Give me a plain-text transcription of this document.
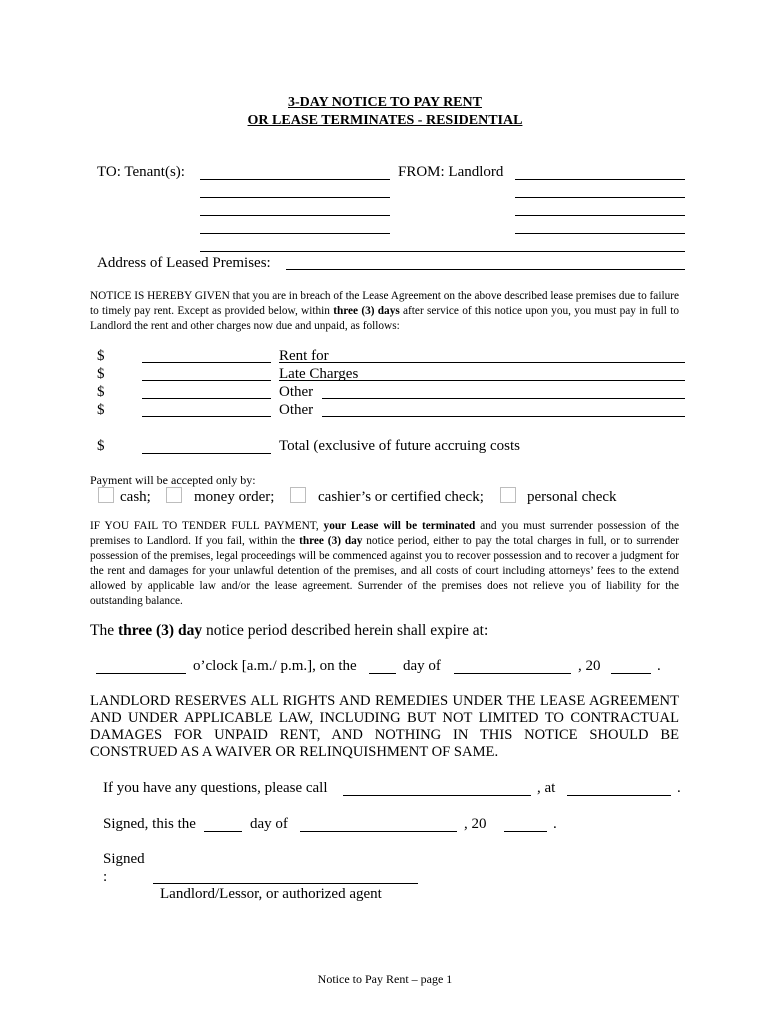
3-DAY NOTICE TO PAY RENT
OR LEASE TERMINATES - RESIDENTIAL
TO: Tenant(s):	FROM: Landlord
Address of Leased Premises:
NOTICE IS HEREBY GIVEN that you are in breach of the Lease Agreement on the above described lease premises due to failure to timely pay rent. Except as provided below, within three (3) days after service of this notice upon you, you must pay in full to Landlord the rent and other charges now due and unpaid, as follows:
$	Rent for
$	Late Charges
$	Other
$	Other
$	Total (exclusive of future accruing costs
Payment will be accepted only by:
cash;	money order;	cashier’s or certified check;	personal check
IF YOU FAIL TO TENDER FULL PAYMENT, your Lease will be terminated and you must surrender possession of the premises to Landlord. If you fail, within the three (3) day notice period, either to pay the total charges in full, or to surrender possession of the premises, legal proceedings will be commenced against you to recover possession and to recover a judgment for the rent and damages for your unlawful detention of the premises, and all costs of court including attorneys’ fees to the extend allowed by applicable law and/or the lease agreement. Surrender of the premises does not relieve you of liability for the outstanding balance.
The three (3) day notice period described herein shall expire at:
o’clock [a.m./ p.m.], on the	day of	, 20	.
LANDLORD RESERVES ALL RIGHTS AND REMEDIES UNDER THE LEASE AGREEMENT AND UNDER APPLICABLE LAW, INCLUDING BUT NOT LIMITED TO CONTRACTUAL DAMAGES FOR UNPAID RENT, AND NOTHING IN THIS NOTICE SHOULD BE CONSTRUED AS A WAIVER OR RELINQUISHMENT OF SAME.
If you have any questions, please call	, at	.
Signed, this the	day of	, 20	.
Signed
:
Landlord/Lessor, or authorized agent
Notice to Pay Rent – page 1
